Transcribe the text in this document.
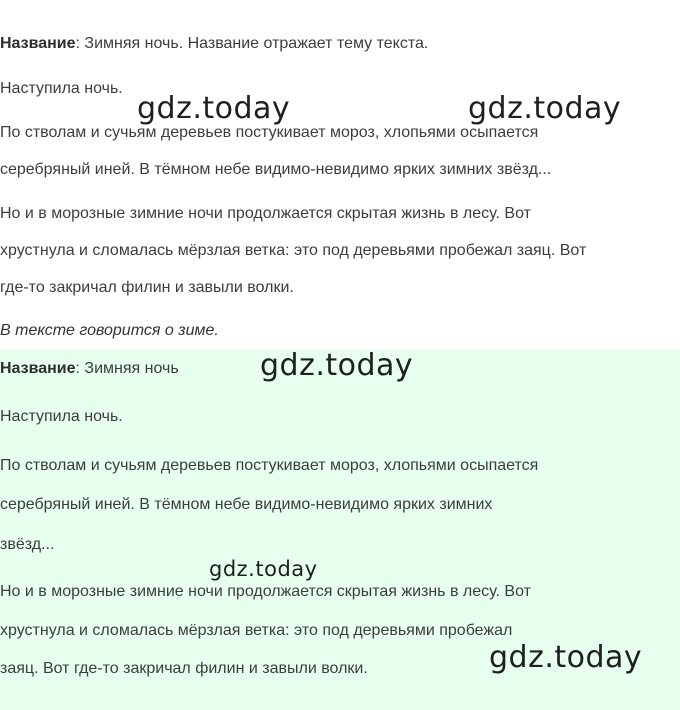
Название: Зимняя ночь. Название отражает тему текста.
Наступила ночь.
По стволам и сучьям деревьев постукивает мороз, хлопьями осыпается
серебряный иней. В тёмном небе видимо-невидимо ярких зимних звёзд...
Но и в морозные зимние ночи продолжается скрытая жизнь в лесу. Вот
хрустнула и сломалась мёрзлая ветка: это под деревьями пробежал заяц. Вот
где-то закричал филин и завыли волки.
В тексте говорится о зиме.
Название: Зимняя ночь
Наступила ночь.
По стволам и сучьям деревьев постукивает мороз, хлопьями осыпается
серебряный иней. В тёмном небе видимо-невидимо ярких зимних
звёзд...
Но и в морозные зимние ночи продолжается скрытая жизнь в лесу. Вот
хрустнула и сломалась мёрзлая ветка: это под деревьями пробежал
заяц. Вот где-то закричал филин и завыли волки.
gdz.today	gdz.today
gdz.today
gdz.today
gdz.today
